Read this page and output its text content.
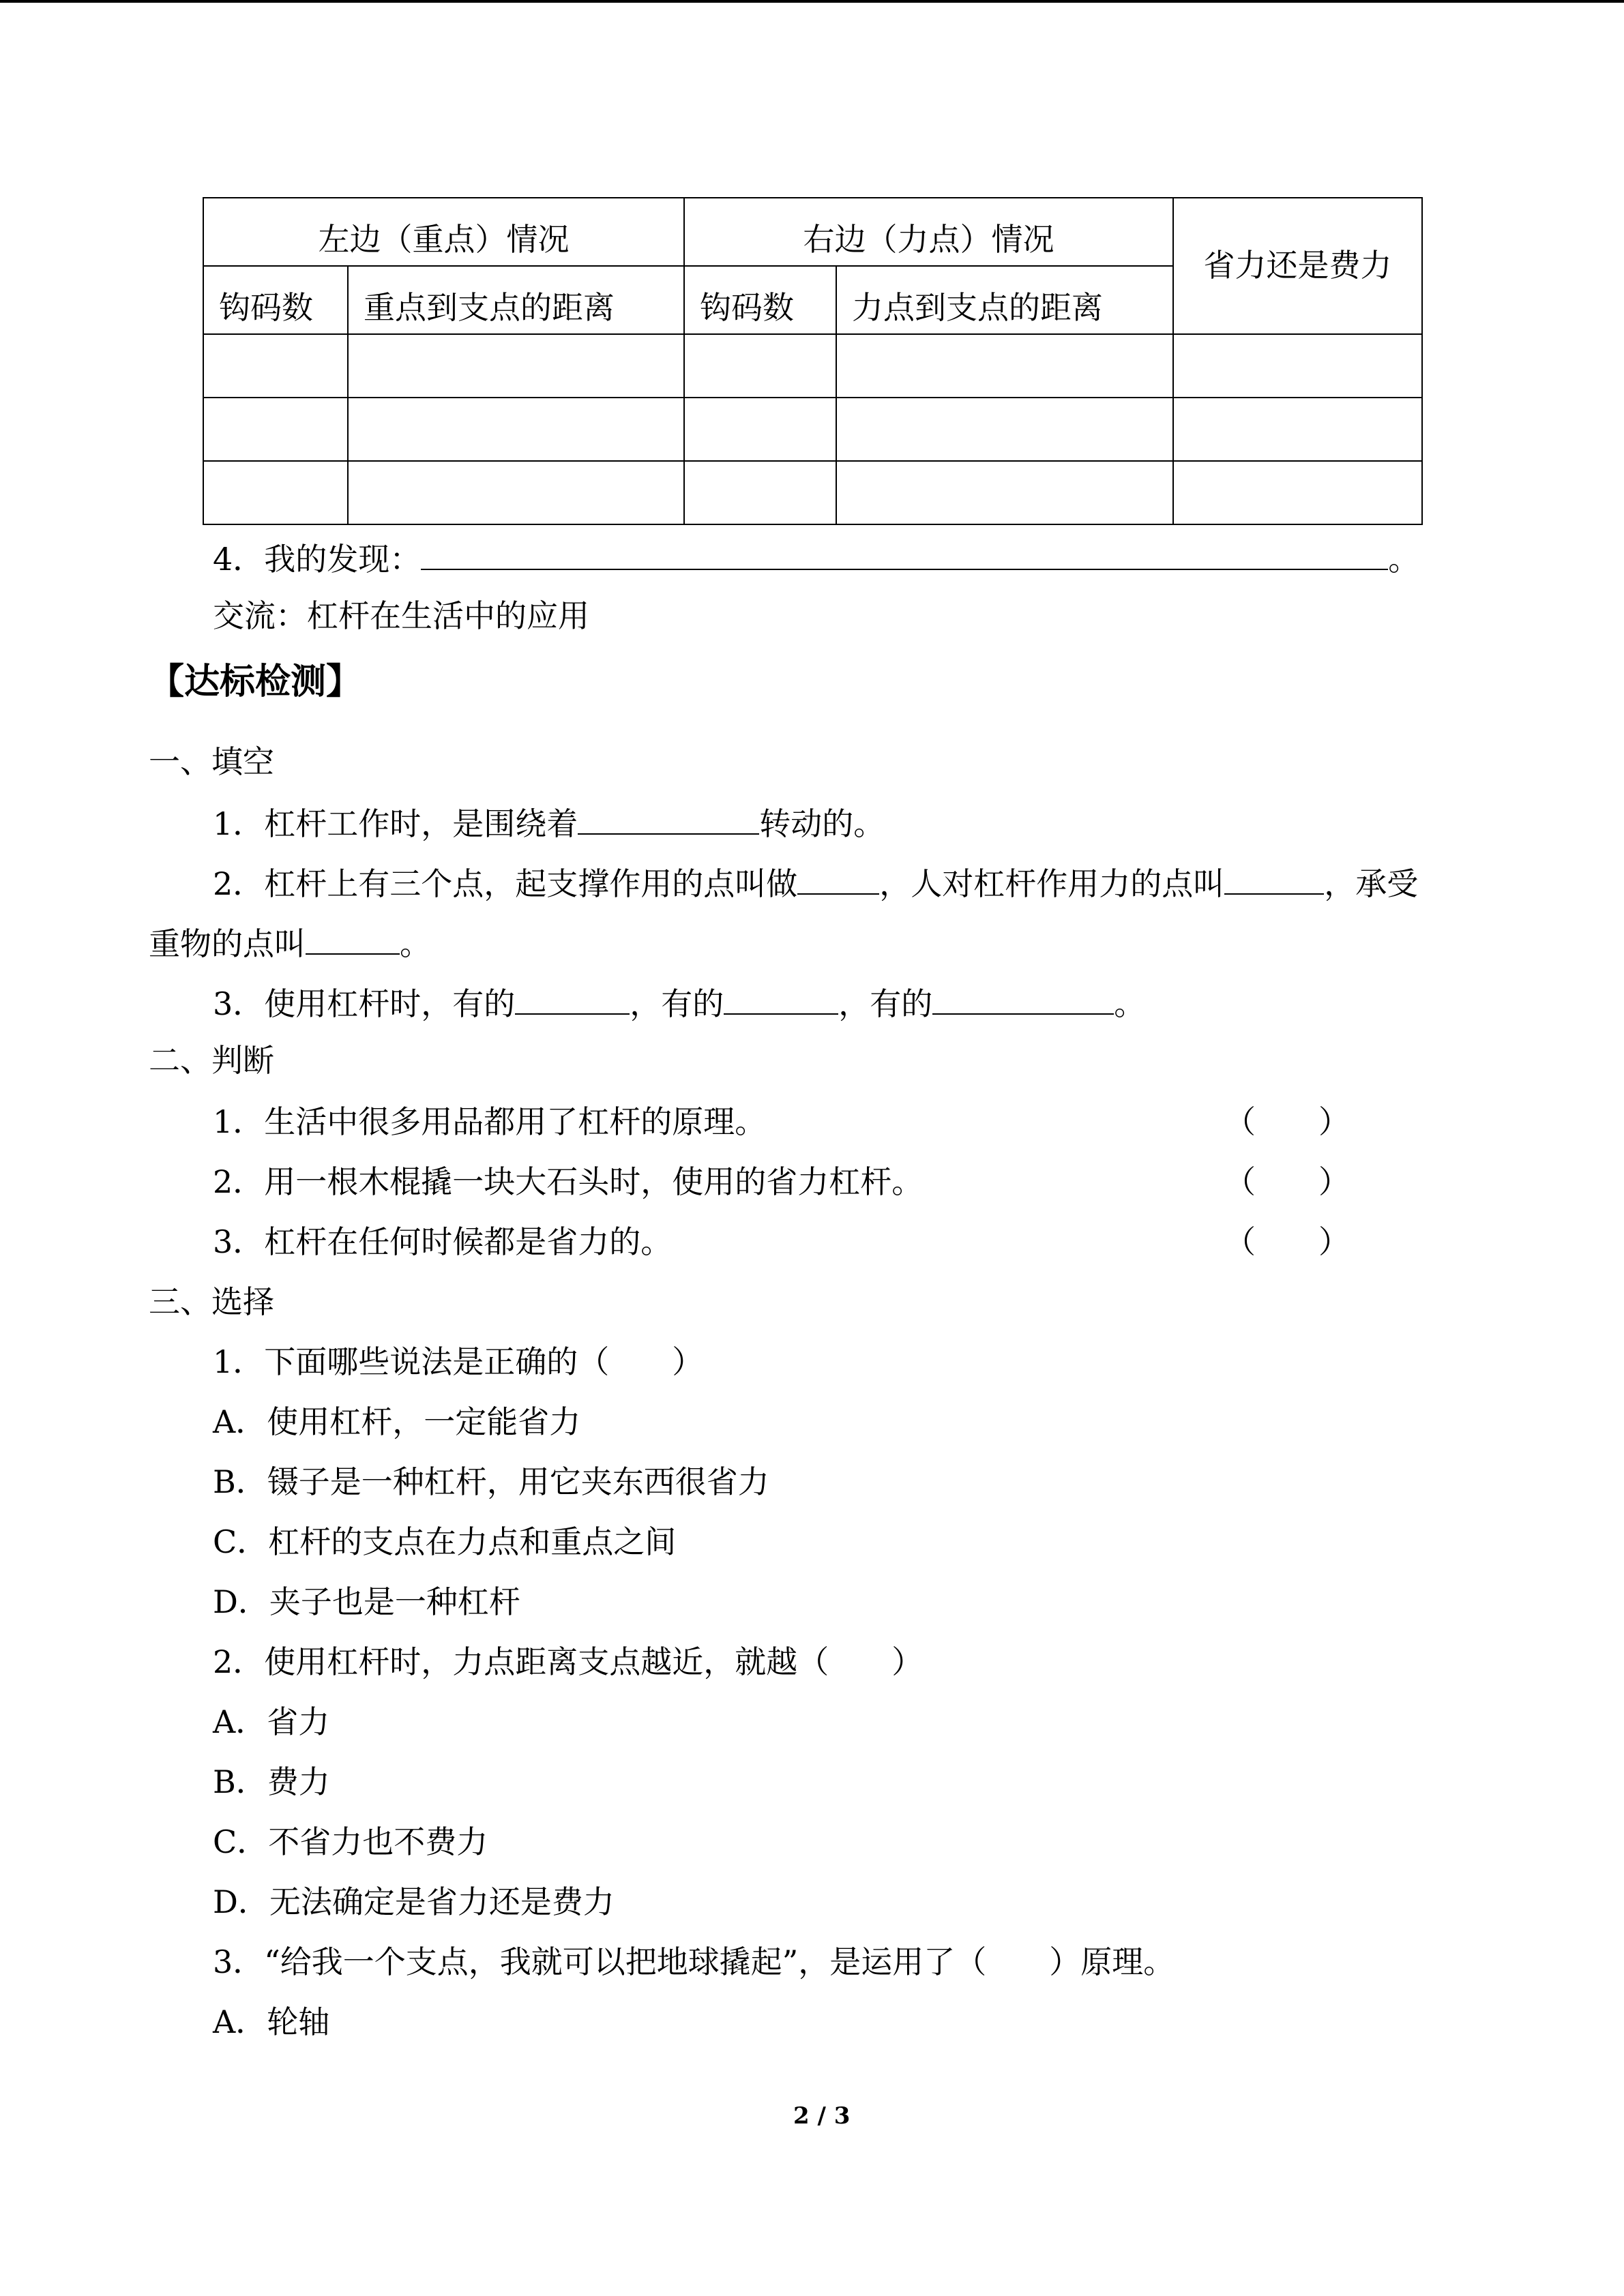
左边（重点）情况		右边（力点）情况		省力还是费力
钩码数	重点到支点的距离	钩码数	力点到支点的距离	

4．我的发现：	。
交流：杠杆在生活中的应用
【达标检测】
一、填空
1．杠杆工作时，是围绕着	转动的。
2．杠杆上有三个点，起支撑作用的点叫做	，人对杠杆作用力的点叫	，承受
重物的点叫	。
3．使用杠杆时，有的	，有的	，有的	。
二、判断
1．生活中很多用品都用了杠杆的原理。	（　　）
2．用一根木棍撬一块大石头时，使用的省力杠杆。	（　　）
3．杠杆在任何时候都是省力的。	（　　）
三、选择
1．下面哪些说法是正确的（　　）
A．使用杠杆，一定能省力
B．镊子是一种杠杆，用它夹东西很省力
C．杠杆的支点在力点和重点之间
D．夹子也是一种杠杆
2．使用杠杆时，力点距离支点越近，就越（　　）
A．省力
B．费力
C．不省力也不费力
D．无法确定是省力还是费力
3．“给我一个支点，我就可以把地球撬起”，是运用了（　　）原理。
A．轮轴
2 / 3
